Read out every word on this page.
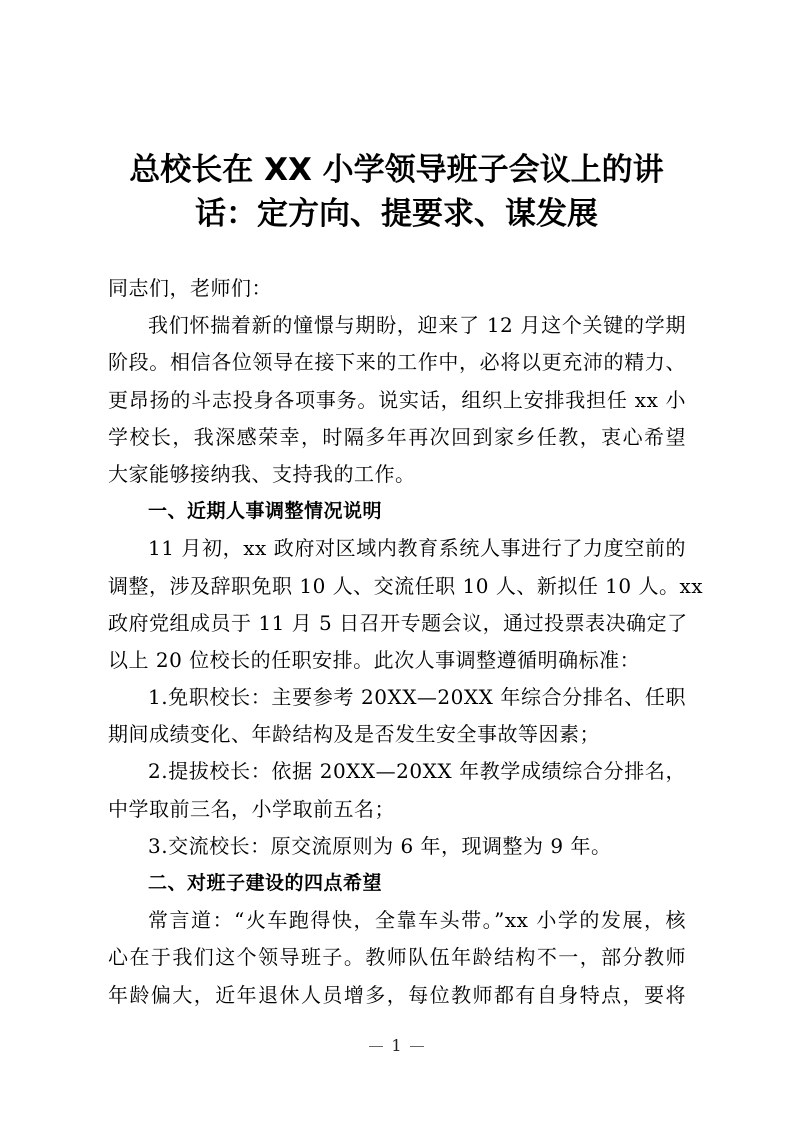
总校长在 XX 小学领导班子会议上的讲
话：定方向、提要求、谋发展
同志们，老师们：
我们怀揣着新的憧憬与期盼，迎来了 12 月这个关键的学期
阶段。相信各位领导在接下来的工作中，必将以更充沛的精力、
更昂扬的斗志投身各项事务。说实话，组织上安排我担任 xx 小
学校长，我深感荣幸，时隔多年再次回到家乡任教，衷心希望
大家能够接纳我、支持我的工作。
一、近期人事调整情况说明
11 月初，xx 政府对区域内教育系统人事进行了力度空前的
调整，涉及辞职免职 10 人、交流任职 10 人、新拟任 10 人。xx
政府党组成员于 11 月 5 日召开专题会议，通过投票表决确定了
以上 20 位校长的任职安排。此次人事调整遵循明确标准：
1.免职校长：主要参考 20XX—20XX 年综合分排名、任职
期间成绩变化、年龄结构及是否发生安全事故等因素；
2.提拔校长：依据 20XX—20XX 年教学成绩综合分排名，
中学取前三名，小学取前五名；
3.交流校长：原交流原则为 6 年，现调整为 9 年。
二、对班子建设的四点希望
常言道：“火车跑得快，全靠车头带。”xx 小学的发展，核
心在于我们这个领导班子。教师队伍年龄结构不一，部分教师
年龄偏大，近年退休人员增多，每位教师都有自身特点，要将
1
